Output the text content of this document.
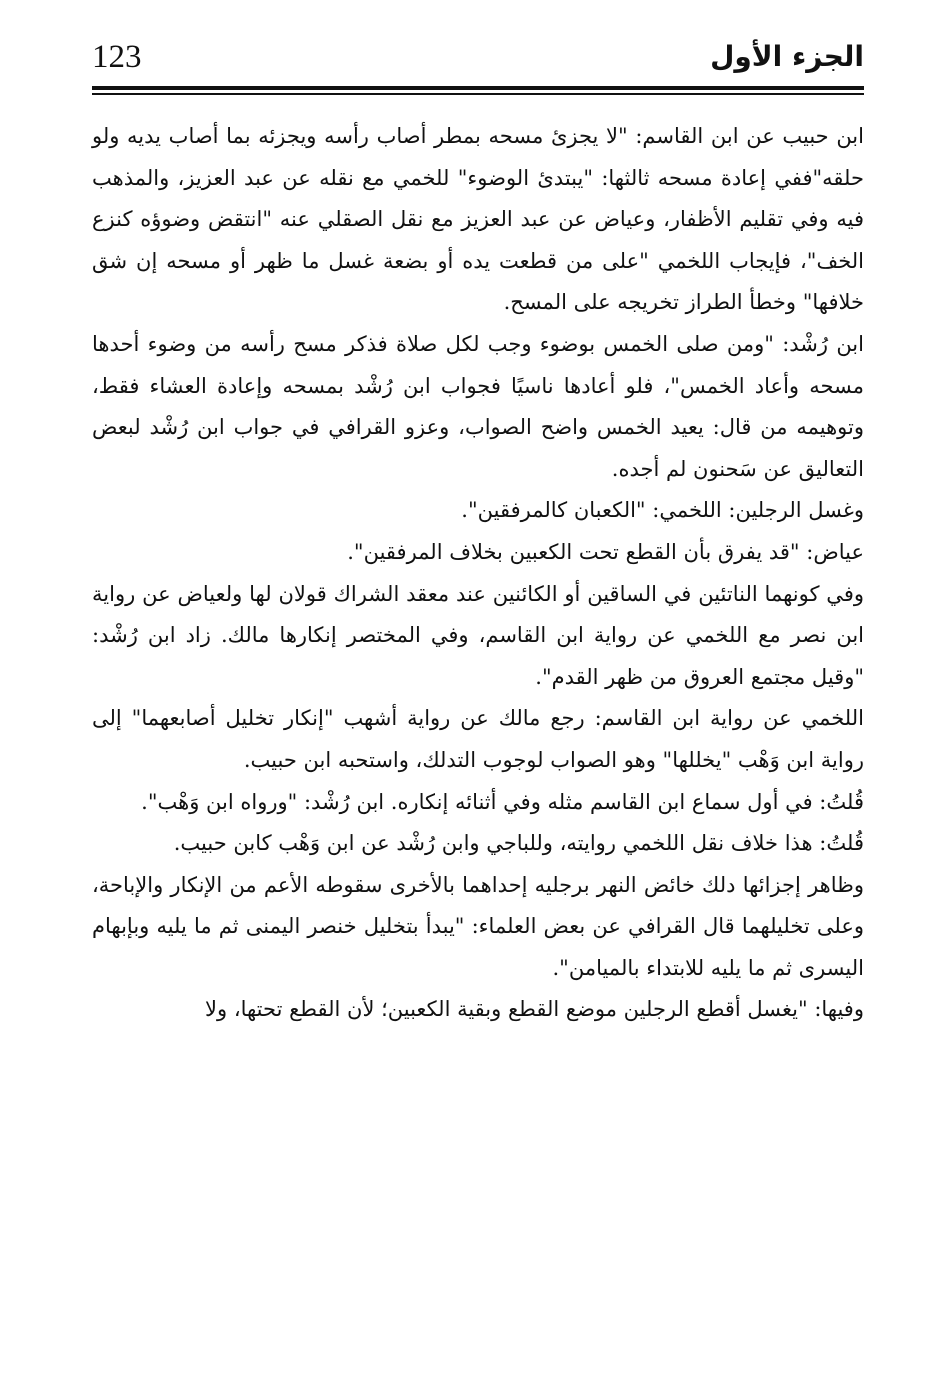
123	الجزء الأول

ابن حبيب عن ابن القاسم: "لا يجزئ مسحه بمطر أصاب رأسه ويجزئه بما أصاب يديه ولو حلقه"ففي إعادة مسحه ثالثها: "يبتدئ الوضوء" للخمي مع نقله عن عبد العزيز، والمذهب فيه وفي تقليم الأظفار، وعياض عن عبد العزيز مع نقل الصقلي عنه "انتقض وضوؤه كنزع الخف"، فإيجاب اللخمي "على من قطعت يده أو بضعة غسل ما ظهر أو مسحه إن شق خلافها" وخطأ الطراز تخريجه على المسح.

ابن رُشْد: "ومن صلى الخمس بوضوء وجب لكل صلاة فذكر مسح رأسه من وضوء أحدها مسحه وأعاد الخمس"، فلو أعادها ناسيًا فجواب ابن رُشْد بمسحه وإعادة العشاء فقط، وتوهيمه من قال: يعيد الخمس واضح الصواب، وعزو القرافي في جواب ابن رُشْد لبعض التعاليق عن سَحنون لم أجده.

وغسل الرجلين: اللخمي: "الكعبان كالمرفقين".

عياض: "قد يفرق بأن القطع تحت الكعبين بخلاف المرفقين".

وفي كونهما الناتئين في الساقين أو الكائنين عند معقد الشراك قولان لها ولعياض عن رواية ابن نصر مع اللخمي عن رواية ابن القاسم، وفي المختصر إنكارها مالك. زاد ابن رُشْد: "وقيل مجتمع العروق من ظهر القدم".

اللخمي عن رواية ابن القاسم: رجع مالك عن رواية أشهب "إنكار تخليل أصابعهما" إلى رواية ابن وَهْب "يخللها" وهو الصواب لوجوب التدلك، واستحبه ابن حبيب.

قُلتُ: في أول سماع ابن القاسم مثله وفي أثنائه إنكاره. ابن رُشْد: "ورواه ابن وَهْب".

قُلتُ: هذا خلاف نقل اللخمي روايته، وللباجي وابن رُشْد عن ابن وَهْب كابن حبيب.

وظاهر إجزائها دلك خائض النهر برجليه إحداهما بالأخرى سقوطه الأعم من الإنكار والإباحة، وعلى تخليلهما قال القرافي عن بعض العلماء: "يبدأ بتخليل خنصر اليمنى ثم ما يليه وبإبهام اليسرى ثم ما يليه للابتداء بالميامن".

وفيها: "يغسل أقطع الرجلين موضع القطع وبقية الكعبين؛ لأن القطع تحتها، ولا
